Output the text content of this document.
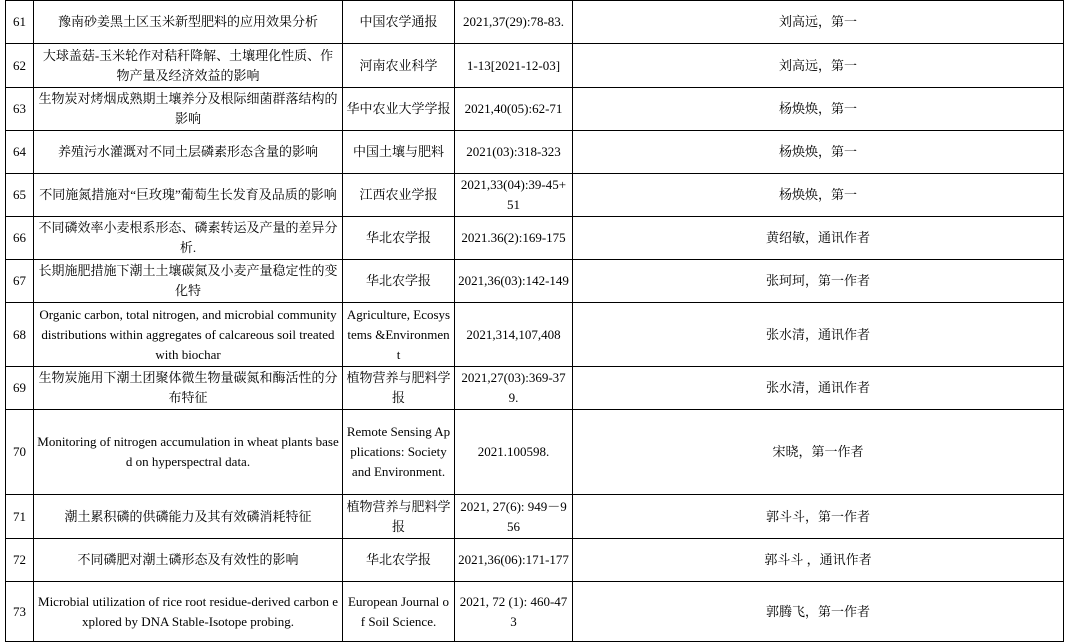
61	豫南砂姜黑土区玉米新型肥料的应用效果分析	中国农学通报	2021,37(29):78-83.	刘高远，第一
62	大球盖菇-玉米轮作对秸秆降解、土壤理化性质、作物产量及经济效益的影响	河南农业科学	1-13[2021-12-03]	刘高远，第一
63	生物炭对烤烟成熟期土壤养分及根际细菌群落结构的影响	华中农业大学学报	2021,40(05):62-71	杨焕焕，第一
64	养殖污水灌溉对不同土层磷素形态含量的影响	中国土壤与肥料	2021(03):318-323	杨焕焕，第一
65	不同施氮措施对“巨玫瑰”葡萄生长发育及品质的影响	江西农业学报	2021,33(04):39-45+51	杨焕焕，第一
66	不同磷效率小麦根系形态、磷素转运及产量的差异分析.	华北农学报	2021.36(2):169-175	黄绍敏，通讯作者
67	长期施肥措施下潮土土壤碳氮及小麦产量稳定性的变化特	华北农学报	2021,36(03):142-149	张珂珂，第一作者
68	Organic carbon, total nitrogen, and microbial community distributions within aggregates of calcareous soil treated with biochar	Agriculture, Ecosystems &Environment	2021,314,107,408	张水清，通讯作者
69	生物炭施用下潮土团聚体微生物量碳氮和酶活性的分布特征	植物营养与肥料学报	2021,27(03):369-379.	张水清，通讯作者
70	Monitoring of nitrogen accumulation in wheat plants based on hyperspectral data.	Remote Sensing Applications: Society and Environment.	2021.100598.	宋晓，第一作者
71	潮土累积磷的供磷能力及其有效磷消耗特征	植物营养与肥料学报	2021, 27(6): 949－956	郭斗斗，第一作者
72	不同磷肥对潮土磷形态及有效性的影响	华北农学报	2021,36(06):171-177	郭斗斗 ，通讯作者
73	Microbial utilization of rice root residue-derived carbon explored by DNA Stable-Isotope probing.	European Journal of Soil Science.	2021, 72 (1): 460-473	郭腾飞，第一作者
